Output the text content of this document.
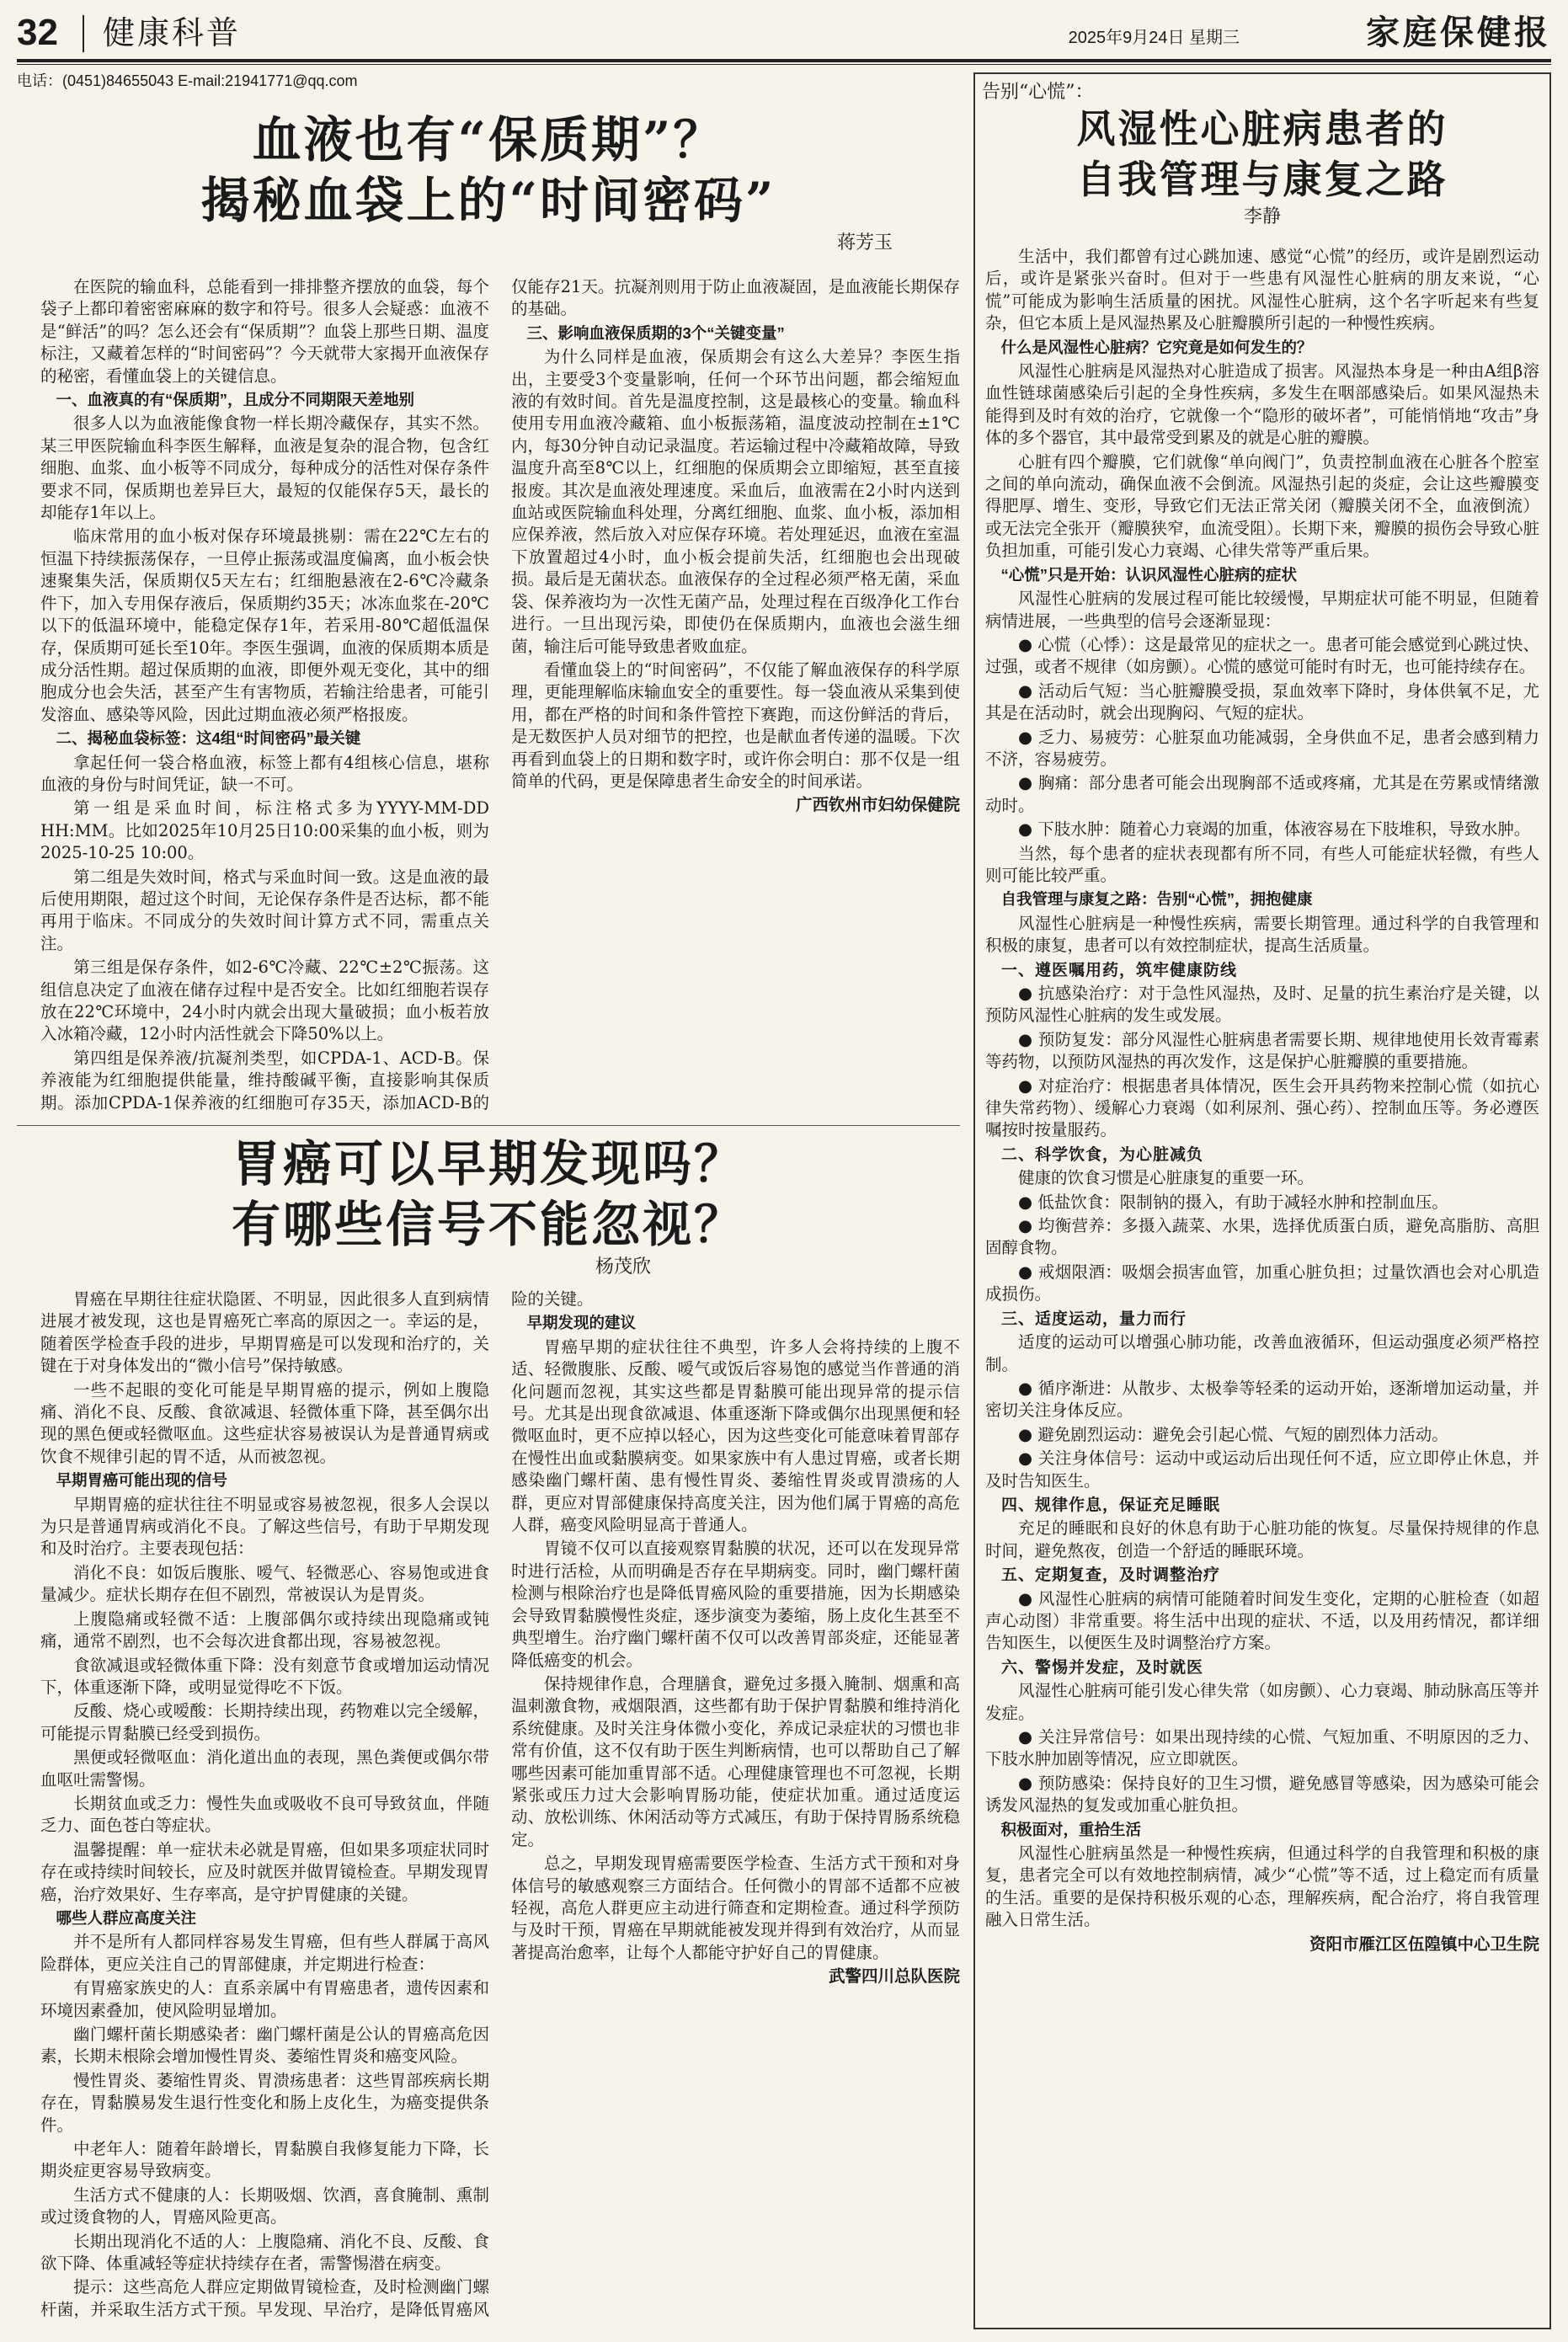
32 健康科普	2025年9月24日 星期三	家庭保健报
电话：(0451)84655043 E-mail:21941771@qq.com
血液也有“保质期”？
揭秘血袋上的“时间密码”
蒋芳玉

在医院的输血科，总能看到一排排整齐摆放的血袋，每个袋子上都印着密密麻麻的数字和符号。很多人会疑惑：血液不是“鲜活”的吗？怎么还会有“保质期”？血袋上那些日期、温度标注，又藏着怎样的“时间密码”？今天就带大家揭开血液保存的秘密，看懂血袋上的关键信息。

一、血液真的有“保质期”，且成分不同期限天差地别

很多人以为血液能像食物一样长期冷藏保存，其实不然。某三甲医院输血科李医生解释，血液是复杂的混合物，包含红细胞、血浆、血小板等不同成分，每种成分的活性对保存条件要求不同，保质期也差异巨大，最短的仅能保存5天，最长的却能存1年以上。

临床常用的血小板对保存环境最挑剔：需在22℃左右的恒温下持续振荡保存，一旦停止振荡或温度偏离，血小板会快速聚集失活，保质期仅5天左右；红细胞悬液在2-6℃冷藏条件下，加入专用保存液后，保质期约35天；冰冻血浆在-20℃以下的低温环境中，能稳定保存1年，若采用-80℃超低温保存，保质期可延长至10年。李医生强调，血液的保质期本质是成分活性期。超过保质期的血液，即便外观无变化，其中的细胞成分也会失活，甚至产生有害物质，若输注给患者，可能引发溶血、感染等风险，因此过期血液必须严格报废。

二、揭秘血袋标签：这4组“时间密码”最关键

拿起任何一袋合格血液，标签上都有4组核心信息，堪称血液的身份与时间凭证，缺一不可。

第一组是采血时间，标注格式多为YYYY-MM-DD HH:MM。比如2025年10月25日10:00采集的血小板，则为2025-10-25 10:00。

第二组是失效时间，格式与采血时间一致。这是血液的最后使用期限，超过这个时间，无论保存条件是否达标，都不能再用于临床。不同成分的失效时间计算方式不同，需重点关注。

第三组是保存条件，如2-6℃冷藏、22℃±2℃振荡。这组信息决定了血液在储存过程中是否安全。比如红细胞若误存放在22℃环境中，24小时内就会出现大量破损；血小板若放入冰箱冷藏，12小时内活性就会下降50%以上。

第四组是保养液/抗凝剂类型，如CPDA-1、ACD-B。保养液能为红细胞提供能量，维持酸碱平衡，直接影响其保质期。添加CPDA-1保养液的红细胞可存35天，添加ACD-B的仅能存21天。抗凝剂则用于防止血液凝固，是血液能长期保存的基础。

三、影响血液保质期的3个“关键变量”

为什么同样是血液，保质期会有这么大差异？李医生指出，主要受3个变量影响，任何一个环节出问题，都会缩短血液的有效时间。首先是温度控制，这是最核心的变量。输血科使用专用血液冷藏箱、血小板振荡箱，温度波动控制在±1℃内，每30分钟自动记录温度。若运输过程中冷藏箱故障，导致温度升高至8℃以上，红细胞的保质期会立即缩短，甚至直接报废。其次是血液处理速度。采血后，血液需在2小时内送到血站或医院输血科处理，分离红细胞、血浆、血小板，添加相应保养液，然后放入对应保存环境。若处理延迟，血液在室温下放置超过4小时，血小板会提前失活，红细胞也会出现破损。最后是无菌状态。血液保存的全过程必须严格无菌，采血袋、保养液均为一次性无菌产品，处理过程在百级净化工作台进行。一旦出现污染，即使仍在保质期内，血液也会滋生细菌，输注后可能导致患者败血症。

看懂血袋上的“时间密码”，不仅能了解血液保存的科学原理，更能理解临床输血安全的重要性。每一袋血液从采集到使用，都在严格的时间和条件管控下赛跑，而这份鲜活的背后，是无数医护人员对细节的把控，也是献血者传递的温暖。下次再看到血袋上的日期和数字时，或许你会明白：那不仅是一组简单的代码，更是保障患者生命安全的时间承诺。

广西钦州市妇幼保健院

胃癌可以早期发现吗？
有哪些信号不能忽视？
杨茂欣

胃癌在早期往往症状隐匿、不明显，因此很多人直到病情进展才被发现，这也是胃癌死亡率高的原因之一。幸运的是，随着医学检查手段的进步，早期胃癌是可以发现和治疗的，关键在于对身体发出的“微小信号”保持敏感。

一些不起眼的变化可能是早期胃癌的提示，例如上腹隐痛、消化不良、反酸、食欲减退、轻微体重下降，甚至偶尔出现的黑色便或轻微呕血。这些症状容易被误认为是普通胃病或饮食不规律引起的胃不适，从而被忽视。

早期胃癌可能出现的信号

早期胃癌的症状往往不明显或容易被忽视，很多人会误以为只是普通胃病或消化不良。了解这些信号，有助于早期发现和及时治疗。主要表现包括：

消化不良：如饭后腹胀、嗳气、轻微恶心、容易饱或进食量减少。症状长期存在但不剧烈，常被误认为是胃炎。

上腹隐痛或轻微不适：上腹部偶尔或持续出现隐痛或钝痛，通常不剧烈，也不会每次进食都出现，容易被忽视。

食欲减退或轻微体重下降：没有刻意节食或增加运动情况下，体重逐渐下降，或明显觉得吃不下饭。

反酸、烧心或嗳酸：长期持续出现，药物难以完全缓解，可能提示胃黏膜已经受到损伤。

黑便或轻微呕血：消化道出血的表现，黑色粪便或偶尔带血呕吐需警惕。

长期贫血或乏力：慢性失血或吸收不良可导致贫血，伴随乏力、面色苍白等症状。

温馨提醒：单一症状未必就是胃癌，但如果多项症状同时存在或持续时间较长，应及时就医并做胃镜检查。早期发现胃癌，治疗效果好、生存率高，是守护胃健康的关键。

哪些人群应高度关注

并不是所有人都同样容易发生胃癌，但有些人群属于高风险群体，更应关注自己的胃部健康，并定期进行检查：

有胃癌家族史的人：直系亲属中有胃癌患者，遗传因素和环境因素叠加，使风险明显增加。

幽门螺杆菌长期感染者：幽门螺杆菌是公认的胃癌高危因素，长期未根除会增加慢性胃炎、萎缩性胃炎和癌变风险。

慢性胃炎、萎缩性胃炎、胃溃疡患者：这些胃部疾病长期存在，胃黏膜易发生退行性变化和肠上皮化生，为癌变提供条件。

中老年人：随着年龄增长，胃黏膜自我修复能力下降，长期炎症更容易导致病变。

生活方式不健康的人：长期吸烟、饮酒，喜食腌制、熏制或过烫食物的人，胃癌风险更高。

长期出现消化不适的人：上腹隐痛、消化不良、反酸、食欲下降、体重减轻等症状持续存在者，需警惕潜在病变。

提示：这些高危人群应定期做胃镜检查，及时检测幽门螺杆菌，并采取生活方式干预。早发现、早治疗，是降低胃癌风险的关键。

早期发现的建议

胃癌早期的症状往往不典型，许多人会将持续的上腹不适、轻微腹胀、反酸、嗳气或饭后容易饱的感觉当作普通的消化问题而忽视，其实这些都是胃黏膜可能出现异常的提示信号。尤其是出现食欲减退、体重逐渐下降或偶尔出现黑便和轻微呕血时，更不应掉以轻心，因为这些变化可能意味着胃部存在慢性出血或黏膜病变。如果家族中有人患过胃癌，或者长期感染幽门螺杆菌、患有慢性胃炎、萎缩性胃炎或胃溃疡的人群，更应对胃部健康保持高度关注，因为他们属于胃癌的高危人群，癌变风险明显高于普通人。

胃镜不仅可以直接观察胃黏膜的状况，还可以在发现异常时进行活检，从而明确是否存在早期病变。同时，幽门螺杆菌检测与根除治疗也是降低胃癌风险的重要措施，因为长期感染会导致胃黏膜慢性炎症，逐步演变为萎缩，肠上皮化生甚至不典型增生。治疗幽门螺杆菌不仅可以改善胃部炎症，还能显著降低癌变的机会。

保持规律作息，合理膳食，避免过多摄入腌制、烟熏和高温刺激食物，戒烟限酒，这些都有助于保护胃黏膜和维持消化系统健康。及时关注身体微小变化，养成记录症状的习惯也非常有价值，这不仅有助于医生判断病情，也可以帮助自己了解哪些因素可能加重胃部不适。心理健康管理也不可忽视，长期紧张或压力过大会影响胃肠功能，使症状加重。通过适度运动、放松训练、休闲活动等方式减压，有助于保持胃肠系统稳定。

总之，早期发现胃癌需要医学检查、生活方式干预和对身体信号的敏感观察三方面结合。任何微小的胃部不适都不应被轻视，高危人群更应主动进行筛查和定期检查。通过科学预防与及时干预，胃癌在早期就能被发现并得到有效治疗，从而显著提高治愈率，让每个人都能守护好自己的胃健康。

武警四川总队医院

告别“心慌”：
风湿性心脏病患者的
自我管理与康复之路
李静

生活中，我们都曾有过心跳加速、感觉“心慌”的经历，或许是剧烈运动后，或许是紧张兴奋时。但对于一些患有风湿性心脏病的朋友来说，“心慌”可能成为影响生活质量的困扰。风湿性心脏病，这个名字听起来有些复杂，但它本质上是风湿热累及心脏瓣膜所引起的一种慢性疾病。

什么是风湿性心脏病？它究竟是如何发生的？

风湿性心脏病是风湿热对心脏造成了损害。风湿热本身是一种由A组β溶血性链球菌感染后引起的全身性疾病，多发生在咽部感染后。如果风湿热未能得到及时有效的治疗，它就像一个“隐形的破坏者”，可能悄悄地“攻击”身体的多个器官，其中最常受到累及的就是心脏的瓣膜。

心脏有四个瓣膜，它们就像“单向阀门”，负责控制血液在心脏各个腔室之间的单向流动，确保血液不会倒流。风湿热引起的炎症，会让这些瓣膜变得肥厚、增生、变形，导致它们无法正常关闭（瓣膜关闭不全，血液倒流）或无法完全张开（瓣膜狭窄，血流受阻）。长期下来，瓣膜的损伤会导致心脏负担加重，可能引发心力衰竭、心律失常等严重后果。

“心慌”只是开始：认识风湿性心脏病的症状

风湿性心脏病的发展过程可能比较缓慢，早期症状可能不明显，但随着病情进展，一些典型的信号会逐渐显现：

● 心慌（心悸）：这是最常见的症状之一。患者可能会感觉到心跳过快、过强，或者不规律（如房颤）。心慌的感觉可能时有时无，也可能持续存在。

● 活动后气短：当心脏瓣膜受损，泵血效率下降时，身体供氧不足，尤其是在活动时，就会出现胸闷、气短的症状。

● 乏力、易疲劳：心脏泵血功能减弱，全身供血不足，患者会感到精力不济，容易疲劳。

● 胸痛：部分患者可能会出现胸部不适或疼痛，尤其是在劳累或情绪激动时。

● 下肢水肿：随着心力衰竭的加重，体液容易在下肢堆积，导致水肿。

当然，每个患者的症状表现都有所不同，有些人可能症状轻微，有些人则可能比较严重。

自我管理与康复之路：告别“心慌”，拥抱健康

风湿性心脏病是一种慢性疾病，需要长期管理。通过科学的自我管理和积极的康复，患者可以有效控制症状，提高生活质量。

一、遵医嘱用药，筑牢健康防线

● 抗感染治疗：对于急性风湿热，及时、足量的抗生素治疗是关键，以预防风湿性心脏病的发生或发展。

● 预防复发：部分风湿性心脏病患者需要长期、规律地使用长效青霉素等药物，以预防风湿热的再次发作，这是保护心脏瓣膜的重要措施。

● 对症治疗：根据患者具体情况，医生会开具药物来控制心慌（如抗心律失常药物）、缓解心力衰竭（如利尿剂、强心药）、控制血压等。务必遵医嘱按时按量服药。

二、科学饮食，为心脏减负

健康的饮食习惯是心脏康复的重要一环。

● 低盐饮食：限制钠的摄入，有助于减轻水肿和控制血压。

● 均衡营养：多摄入蔬菜、水果，选择优质蛋白质，避免高脂肪、高胆固醇食物。

● 戒烟限酒：吸烟会损害血管，加重心脏负担；过量饮酒也会对心肌造成损伤。

三、适度运动，量力而行

适度的运动可以增强心肺功能，改善血液循环，但运动强度必须严格控制。

● 循序渐进：从散步、太极拳等轻柔的运动开始，逐渐增加运动量，并密切关注身体反应。

● 避免剧烈运动：避免会引起心慌、气短的剧烈体力活动。

● 关注身体信号：运动中或运动后出现任何不适，应立即停止休息，并及时告知医生。

四、规律作息，保证充足睡眠

充足的睡眠和良好的休息有助于心脏功能的恢复。尽量保持规律的作息时间，避免熬夜，创造一个舒适的睡眠环境。

五、定期复查，及时调整治疗

● 风湿性心脏病的病情可能随着时间发生变化，定期的心脏检查（如超声心动图）非常重要。将生活中出现的症状、不适，以及用药情况，都详细告知医生，以便医生及时调整治疗方案。

六、警惕并发症，及时就医

风湿性心脏病可能引发心律失常（如房颤）、心力衰竭、肺动脉高压等并发症。

● 关注异常信号：如果出现持续的心慌、气短加重、不明原因的乏力、下肢水肿加剧等情况，应立即就医。

● 预防感染：保持良好的卫生习惯，避免感冒等感染，因为感染可能会诱发风湿热的复发或加重心脏负担。

积极面对，重拾生活

风湿性心脏病虽然是一种慢性疾病，但通过科学的自我管理和积极的康复，患者完全可以有效地控制病情，减少“心慌”等不适，过上稳定而有质量的生活。重要的是保持积极乐观的心态，理解疾病，配合治疗，将自我管理融入日常生活。

资阳市雁江区伍隍镇中心卫生院
